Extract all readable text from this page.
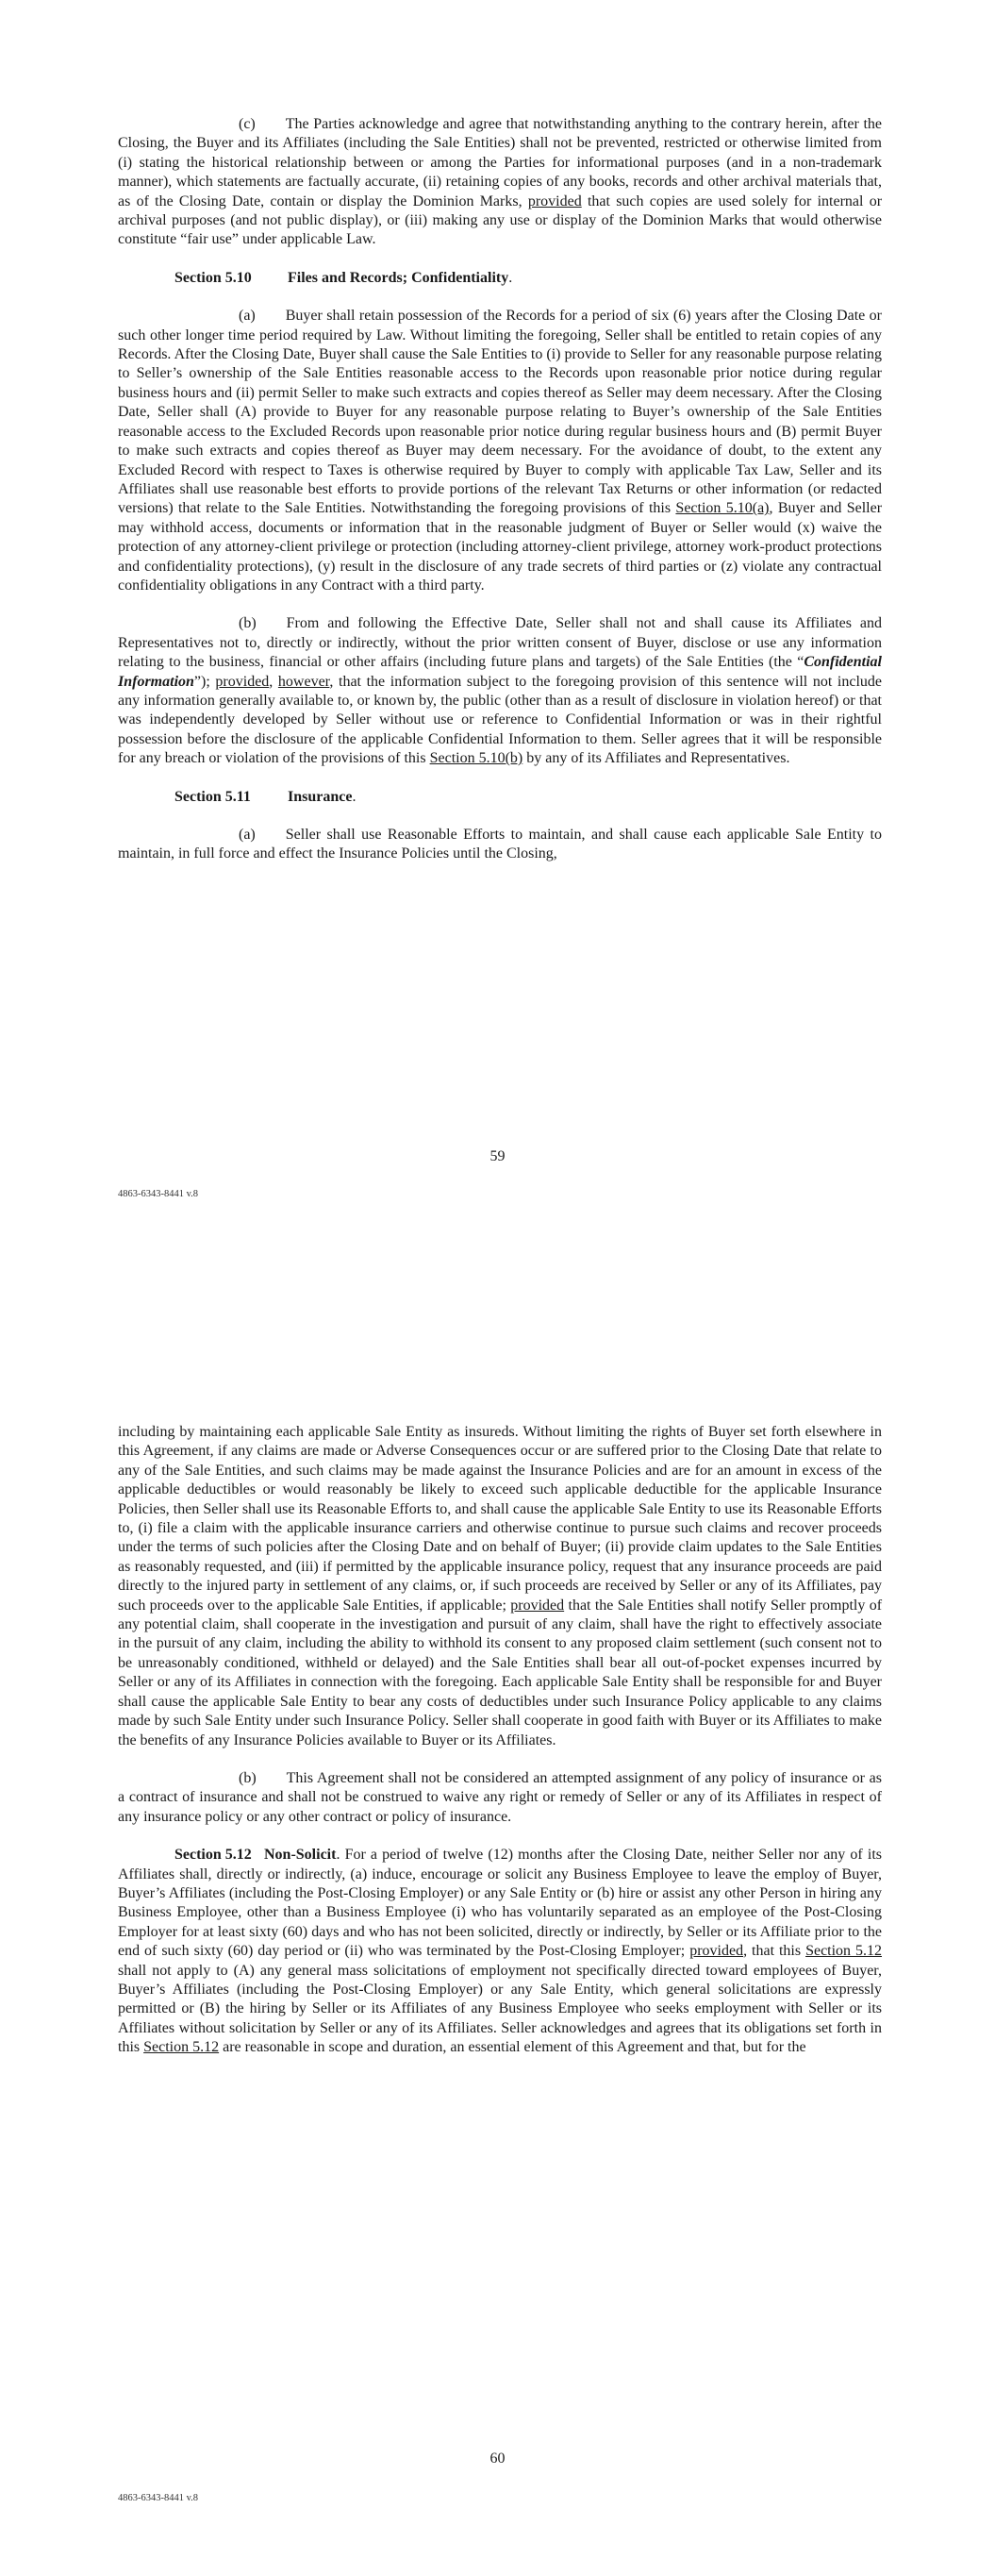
(c)  The Parties acknowledge and agree that notwithstanding anything to the contrary herein, after the Closing, the Buyer and its Affiliates (including the Sale Entities) shall not be prevented, restricted or otherwise limited from (i) stating the historical relationship between or among the Parties for informational purposes (and in a non-trademark manner), which statements are factually accurate, (ii) retaining copies of any books, records and other archival materials that, as of the Closing Date, contain or display the Dominion Marks, provided that such copies are used solely for internal or archival purposes (and not public display), or (iii) making any use or display of the Dominion Marks that would otherwise constitute “fair use” under applicable Law.

Section 5.10 Files and Records; Confidentiality.

(a)  Buyer shall retain possession of the Records for a period of six (6) years after the Closing Date or such other longer time period required by Law. Without limiting the foregoing, Seller shall be entitled to retain copies of any Records. After the Closing Date, Buyer shall cause the Sale Entities to (i) provide to Seller for any reasonable purpose relating to Seller’s ownership of the Sale Entities reasonable access to the Records upon reasonable prior notice during regular business hours and (ii) permit Seller to make such extracts and copies thereof as Seller may deem necessary. After the Closing Date, Seller shall (A) provide to Buyer for any reasonable purpose relating to Buyer’s ownership of the Sale Entities reasonable access to the Excluded Records upon reasonable prior notice during regular business hours and (B) permit Buyer to make such extracts and copies thereof as Buyer may deem necessary. For the avoidance of doubt, to the extent any Excluded Record with respect to Taxes is otherwise required by Buyer to comply with applicable Tax Law, Seller and its Affiliates shall use reasonable best efforts to provide portions of the relevant Tax Returns or other information (or redacted versions) that relate to the Sale Entities. Notwithstanding the foregoing provisions of this Section 5.10(a), Buyer and Seller may withhold access, documents or information that in the reasonable judgment of Buyer or Seller would (x) waive the protection of any attorney-client privilege or protection (including attorney-client privilege, attorney work-product protections and confidentiality protections), (y) result in the disclosure of any trade secrets of third parties or (z) violate any contractual confidentiality obligations in any Contract with a third party.

(b)  From and following the Effective Date, Seller shall not and shall cause its Affiliates and Representatives not to, directly or indirectly, without the prior written consent of Buyer, disclose or use any information relating to the business, financial or other affairs (including future plans and targets) of the Sale Entities (the “Confidential Information”); provided, however, that the information subject to the foregoing provision of this sentence will not include any information generally available to, or known by, the public (other than as a result of disclosure in violation hereof) or that was independently developed by Seller without use or reference to Confidential Information or was in their rightful possession before the disclosure of the applicable Confidential Information to them. Seller agrees that it will be responsible for any breach or violation of the provisions of this Section 5.10(b) by any of its Affiliates and Representatives.

Section 5.11 Insurance.

(a)  Seller shall use Reasonable Efforts to maintain, and shall cause each applicable Sale Entity to maintain, in full force and effect the Insurance Policies until the Closing,

59
4863-6343-8441 v.8

including by maintaining each applicable Sale Entity as insureds. Without limiting the rights of Buyer set forth elsewhere in this Agreement, if any claims are made or Adverse Consequences occur or are suffered prior to the Closing Date that relate to any of the Sale Entities, and such claims may be made against the Insurance Policies and are for an amount in excess of the applicable deductibles or would reasonably be likely to exceed such applicable deductible for the applicable Insurance Policies, then Seller shall use its Reasonable Efforts to, and shall cause the applicable Sale Entity to use its Reasonable Efforts to, (i) file a claim with the applicable insurance carriers and otherwise continue to pursue such claims and recover proceeds under the terms of such policies after the Closing Date and on behalf of Buyer; (ii) provide claim updates to the Sale Entities as reasonably requested, and (iii) if permitted by the applicable insurance policy, request that any insurance proceeds are paid directly to the injured party in settlement of any claims, or, if such proceeds are received by Seller or any of its Affiliates, pay such proceeds over to the applicable Sale Entities, if applicable; provided that the Sale Entities shall notify Seller promptly of any potential claim, shall cooperate in the investigation and pursuit of any claim, shall have the right to effectively associate in the pursuit of any claim, including the ability to withhold its consent to any proposed claim settlement (such consent not to be unreasonably conditioned, withheld or delayed) and the Sale Entities shall bear all out-of-pocket expenses incurred by Seller or any of its Affiliates in connection with the foregoing. Each applicable Sale Entity shall be responsible for and Buyer shall cause the applicable Sale Entity to bear any costs of deductibles under such Insurance Policy applicable to any claims made by such Sale Entity under such Insurance Policy. Seller shall cooperate in good faith with Buyer or its Affiliates to make the benefits of any Insurance Policies available to Buyer or its Affiliates.

(b)  This Agreement shall not be considered an attempted assignment of any policy of insurance or as a contract of insurance and shall not be construed to waive any right or remedy of Seller or any of its Affiliates in respect of any insurance policy or any other contract or policy of insurance.

Section 5.12 Non-Solicit. For a period of twelve (12) months after the Closing Date, neither Seller nor any of its Affiliates shall, directly or indirectly, (a) induce, encourage or solicit any Business Employee to leave the employ of Buyer, Buyer’s Affiliates (including the Post-Closing Employer) or any Sale Entity or (b) hire or assist any other Person in hiring any Business Employee, other than a Business Employee (i) who has voluntarily separated as an employee of the Post-Closing Employer for at least sixty (60) days and who has not been solicited, directly or indirectly, by Seller or its Affiliate prior to the end of such sixty (60) day period or (ii) who was terminated by the Post-Closing Employer; provided, that this Section 5.12 shall not apply to (A) any general mass solicitations of employment not specifically directed toward employees of Buyer, Buyer’s Affiliates (including the Post-Closing Employer) or any Sale Entity, which general solicitations are expressly permitted or (B) the hiring by Seller or its Affiliates of any Business Employee who seeks employment with Seller or its Affiliates without solicitation by Seller or any of its Affiliates. Seller acknowledges and agrees that its obligations set forth in this Section 5.12 are reasonable in scope and duration, an essential element of this Agreement and that, but for the

60
4863-6343-8441 v.8
